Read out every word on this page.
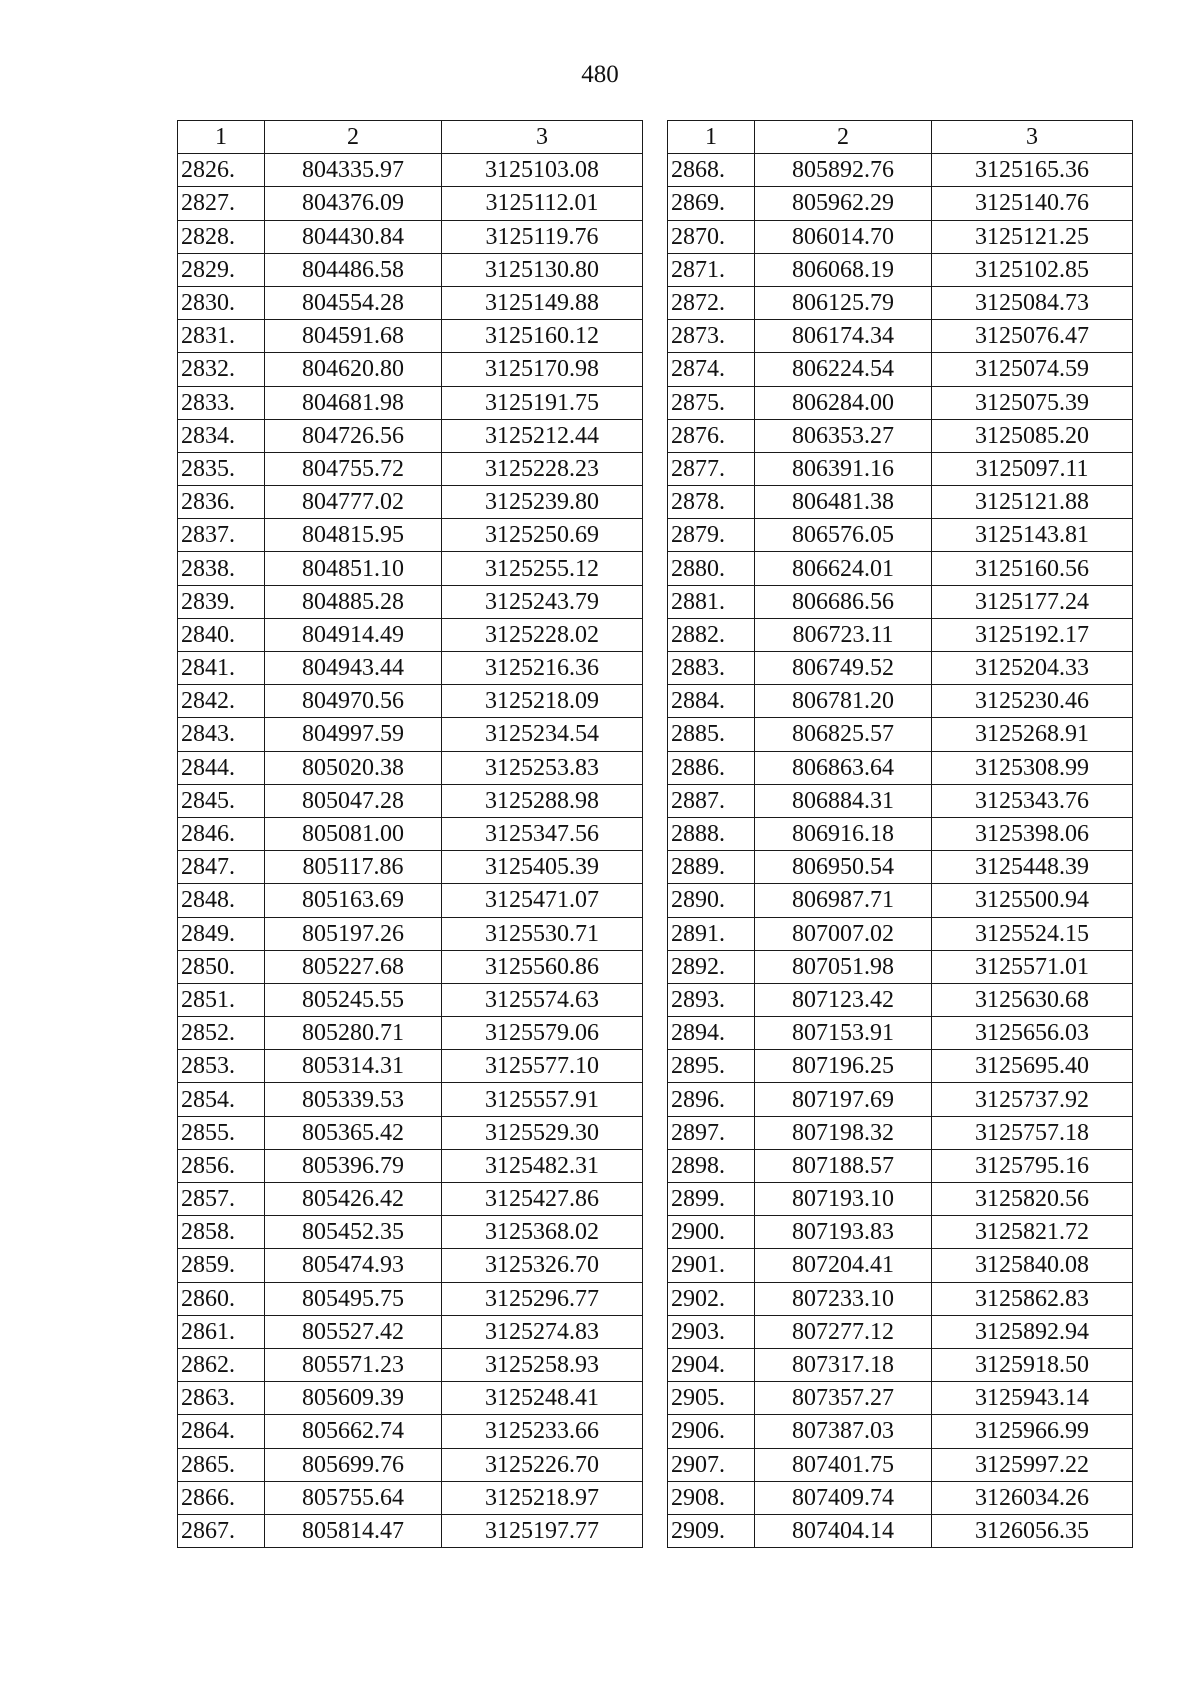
480
1	2	3
2826.	804335.97	3125103.08
2827.	804376.09	3125112.01
2828.	804430.84	3125119.76
2829.	804486.58	3125130.80
2830.	804554.28	3125149.88
2831.	804591.68	3125160.12
2832.	804620.80	3125170.98
2833.	804681.98	3125191.75
2834.	804726.56	3125212.44
2835.	804755.72	3125228.23
2836.	804777.02	3125239.80
2837.	804815.95	3125250.69
2838.	804851.10	3125255.12
2839.	804885.28	3125243.79
2840.	804914.49	3125228.02
2841.	804943.44	3125216.36
2842.	804970.56	3125218.09
2843.	804997.59	3125234.54
2844.	805020.38	3125253.83
2845.	805047.28	3125288.98
2846.	805081.00	3125347.56
2847.	805117.86	3125405.39
2848.	805163.69	3125471.07
2849.	805197.26	3125530.71
2850.	805227.68	3125560.86
2851.	805245.55	3125574.63
2852.	805280.71	3125579.06
2853.	805314.31	3125577.10
2854.	805339.53	3125557.91
2855.	805365.42	3125529.30
2856.	805396.79	3125482.31
2857.	805426.42	3125427.86
2858.	805452.35	3125368.02
2859.	805474.93	3125326.70
2860.	805495.75	3125296.77
2861.	805527.42	3125274.83
2862.	805571.23	3125258.93
2863.	805609.39	3125248.41
2864.	805662.74	3125233.66
2865.	805699.76	3125226.70
2866.	805755.64	3125218.97
2867.	805814.47	3125197.77
1	2	3
2868.	805892.76	3125165.36
2869.	805962.29	3125140.76
2870.	806014.70	3125121.25
2871.	806068.19	3125102.85
2872.	806125.79	3125084.73
2873.	806174.34	3125076.47
2874.	806224.54	3125074.59
2875.	806284.00	3125075.39
2876.	806353.27	3125085.20
2877.	806391.16	3125097.11
2878.	806481.38	3125121.88
2879.	806576.05	3125143.81
2880.	806624.01	3125160.56
2881.	806686.56	3125177.24
2882.	806723.11	3125192.17
2883.	806749.52	3125204.33
2884.	806781.20	3125230.46
2885.	806825.57	3125268.91
2886.	806863.64	3125308.99
2887.	806884.31	3125343.76
2888.	806916.18	3125398.06
2889.	806950.54	3125448.39
2890.	806987.71	3125500.94
2891.	807007.02	3125524.15
2892.	807051.98	3125571.01
2893.	807123.42	3125630.68
2894.	807153.91	3125656.03
2895.	807196.25	3125695.40
2896.	807197.69	3125737.92
2897.	807198.32	3125757.18
2898.	807188.57	3125795.16
2899.	807193.10	3125820.56
2900.	807193.83	3125821.72
2901.	807204.41	3125840.08
2902.	807233.10	3125862.83
2903.	807277.12	3125892.94
2904.	807317.18	3125918.50
2905.	807357.27	3125943.14
2906.	807387.03	3125966.99
2907.	807401.75	3125997.22
2908.	807409.74	3126034.26
2909.	807404.14	3126056.35
